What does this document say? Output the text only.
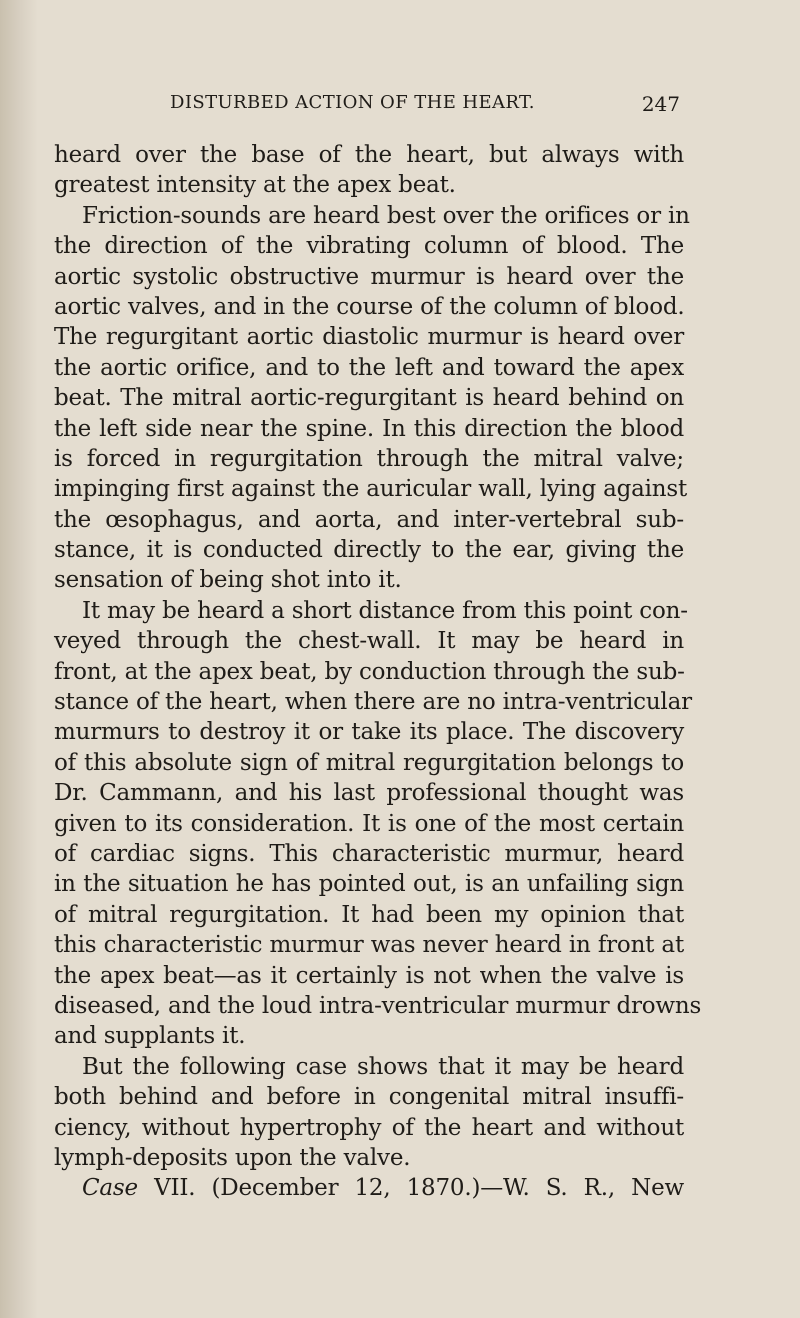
DISTURBED ACTION OF THE HEART.	247
heard over the base of the heart, but always with
greatest intensity at the apex beat.
Friction-sounds are heard best over the orifices or in
the direction of the vibrating column of blood. The
aortic systolic obstructive murmur is heard over the
aortic valves, and in the course of the column of blood.
The regurgitant aortic diastolic murmur is heard over
the aortic orifice, and to the left and toward the apex
beat. The mitral aortic-regurgitant is heard behind on
the left side near the spine. In this direction the blood
is forced in regurgitation through the mitral valve;
impinging first against the auricular wall, lying against
the œsophagus, and aorta, and inter-vertebral sub-
stance, it is conducted directly to the ear, giving the
sensation of being shot into it.
It may be heard a short distance from this point con-
veyed through the chest-wall. It may be heard in
front, at the apex beat, by conduction through the sub-
stance of the heart, when there are no intra-ventricular
murmurs to destroy it or take its place. The discovery
of this absolute sign of mitral regurgitation belongs to
Dr. Cammann, and his last professional thought was
given to its consideration. It is one of the most certain
of cardiac signs. This characteristic murmur, heard
in the situation he has pointed out, is an unfailing sign
of mitral regurgitation. It had been my opinion that
this characteristic murmur was never heard in front at
the apex beat—as it certainly is not when the valve is
diseased, and the loud intra-ventricular murmur drowns
and supplants it.
But the following case shows that it may be heard
both behind and before in congenital mitral insuffi-
ciency, without hypertrophy of the heart and without
lymph-deposits upon the valve.
Case VII. (December 12, 1870.)—W. S. R., New
